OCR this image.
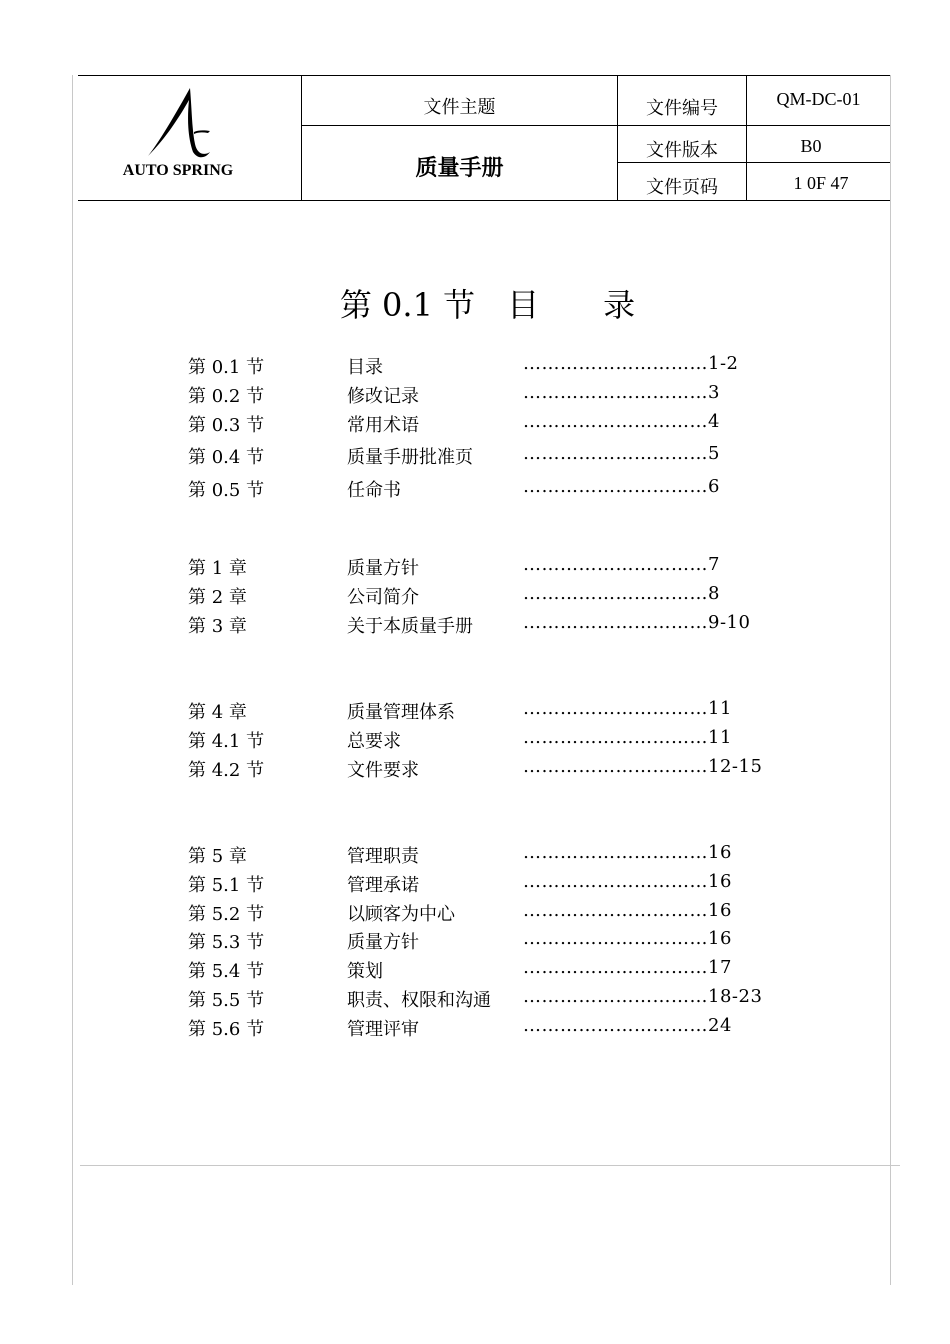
AUTO SPRING
文件主题
质量手册
文件编号	QM-DC-01
文件版本	B0
文件页码	1 0F 47
第 0.1 节　目　　录
第 0.1 节	目录	…………………………1-2
第 0.2 节	修改记录	…………………………3
第 0.3 节	常用术语	…………………………4
第 0.4 节	质量手册批准页	…………………………5
第 0.5 节	任命书	…………………………6
第 1 章	质量方针	…………………………7
第 2 章	公司简介	…………………………8
第 3 章	关于本质量手册	…………………………9-10
第 4 章	质量管理体系	…………………………11
第 4.1 节	总要求	…………………………11
第 4.2 节	文件要求	…………………………12-15
第 5 章	管理职责	…………………………16
第 5.1 节	管理承诺	…………………………16
第 5.2 节	以顾客为中心	…………………………16
第 5.3 节	质量方针	…………………………16
第 5.4 节	策划	…………………………17
第 5.5 节	职责、权限和沟通 …………………………18-23
第 5.6 节	管理评审	…………………………24
